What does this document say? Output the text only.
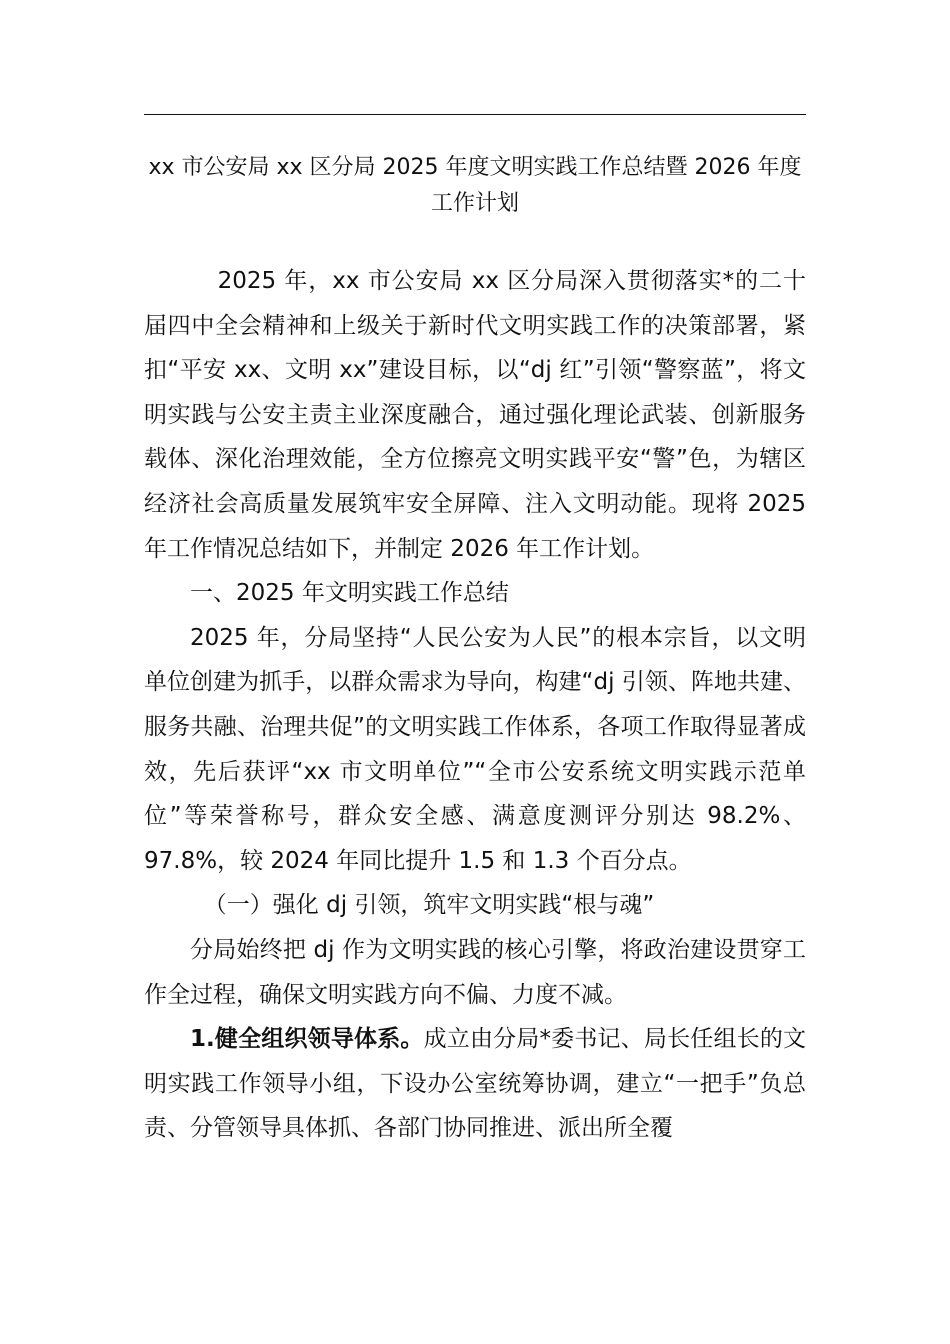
xx 市公安局 xx 区分局 2025 年度文明实践工作总结暨 2026 年度工作计划

2025 年，xx 市公安局 xx 区分局深入贯彻落实*的二十届四中全会精神和上级关于新时代文明实践工作的决策部署，紧扣“平安 xx、文明 xx”建设目标，以“dj 红”引领“警察蓝”，将文明实践与公安主责主业深度融合，通过强化理论武装、创新服务载体、深化治理效能，全方位擦亮文明实践平安“警”色，为辖区经济社会高质量发展筑牢安全屏障、注入文明动能。现将 2025 年工作情况总结如下，并制定 2026 年工作计划。

一、2025 年文明实践工作总结

2025 年，分局坚持“人民公安为人民”的根本宗旨，以文明单位创建为抓手，以群众需求为导向，构建“dj 引领、阵地共建、服务共融、治理共促”的文明实践工作体系，各项工作取得显著成效，先后获评“xx 市文明单位”“全市公安系统文明实践示范单位”等荣誉称号，群众安全感、满意度测评分别达 98.2%、97.8%，较 2024 年同比提升 1.5 和 1.3 个百分点。

（一）强化 dj 引领，筑牢文明实践“根与魂”

分局始终把 dj 作为文明实践的核心引擎，将政治建设贯穿工作全过程，确保文明实践方向不偏、力度不减。

1.健全组织领导体系。成立由分局*委书记、局长任组长的文明实践工作领导小组，下设办公室统筹协调，建立“一把手”负总责、分管领导具体抓、各部门协同推进、派出所全覆
